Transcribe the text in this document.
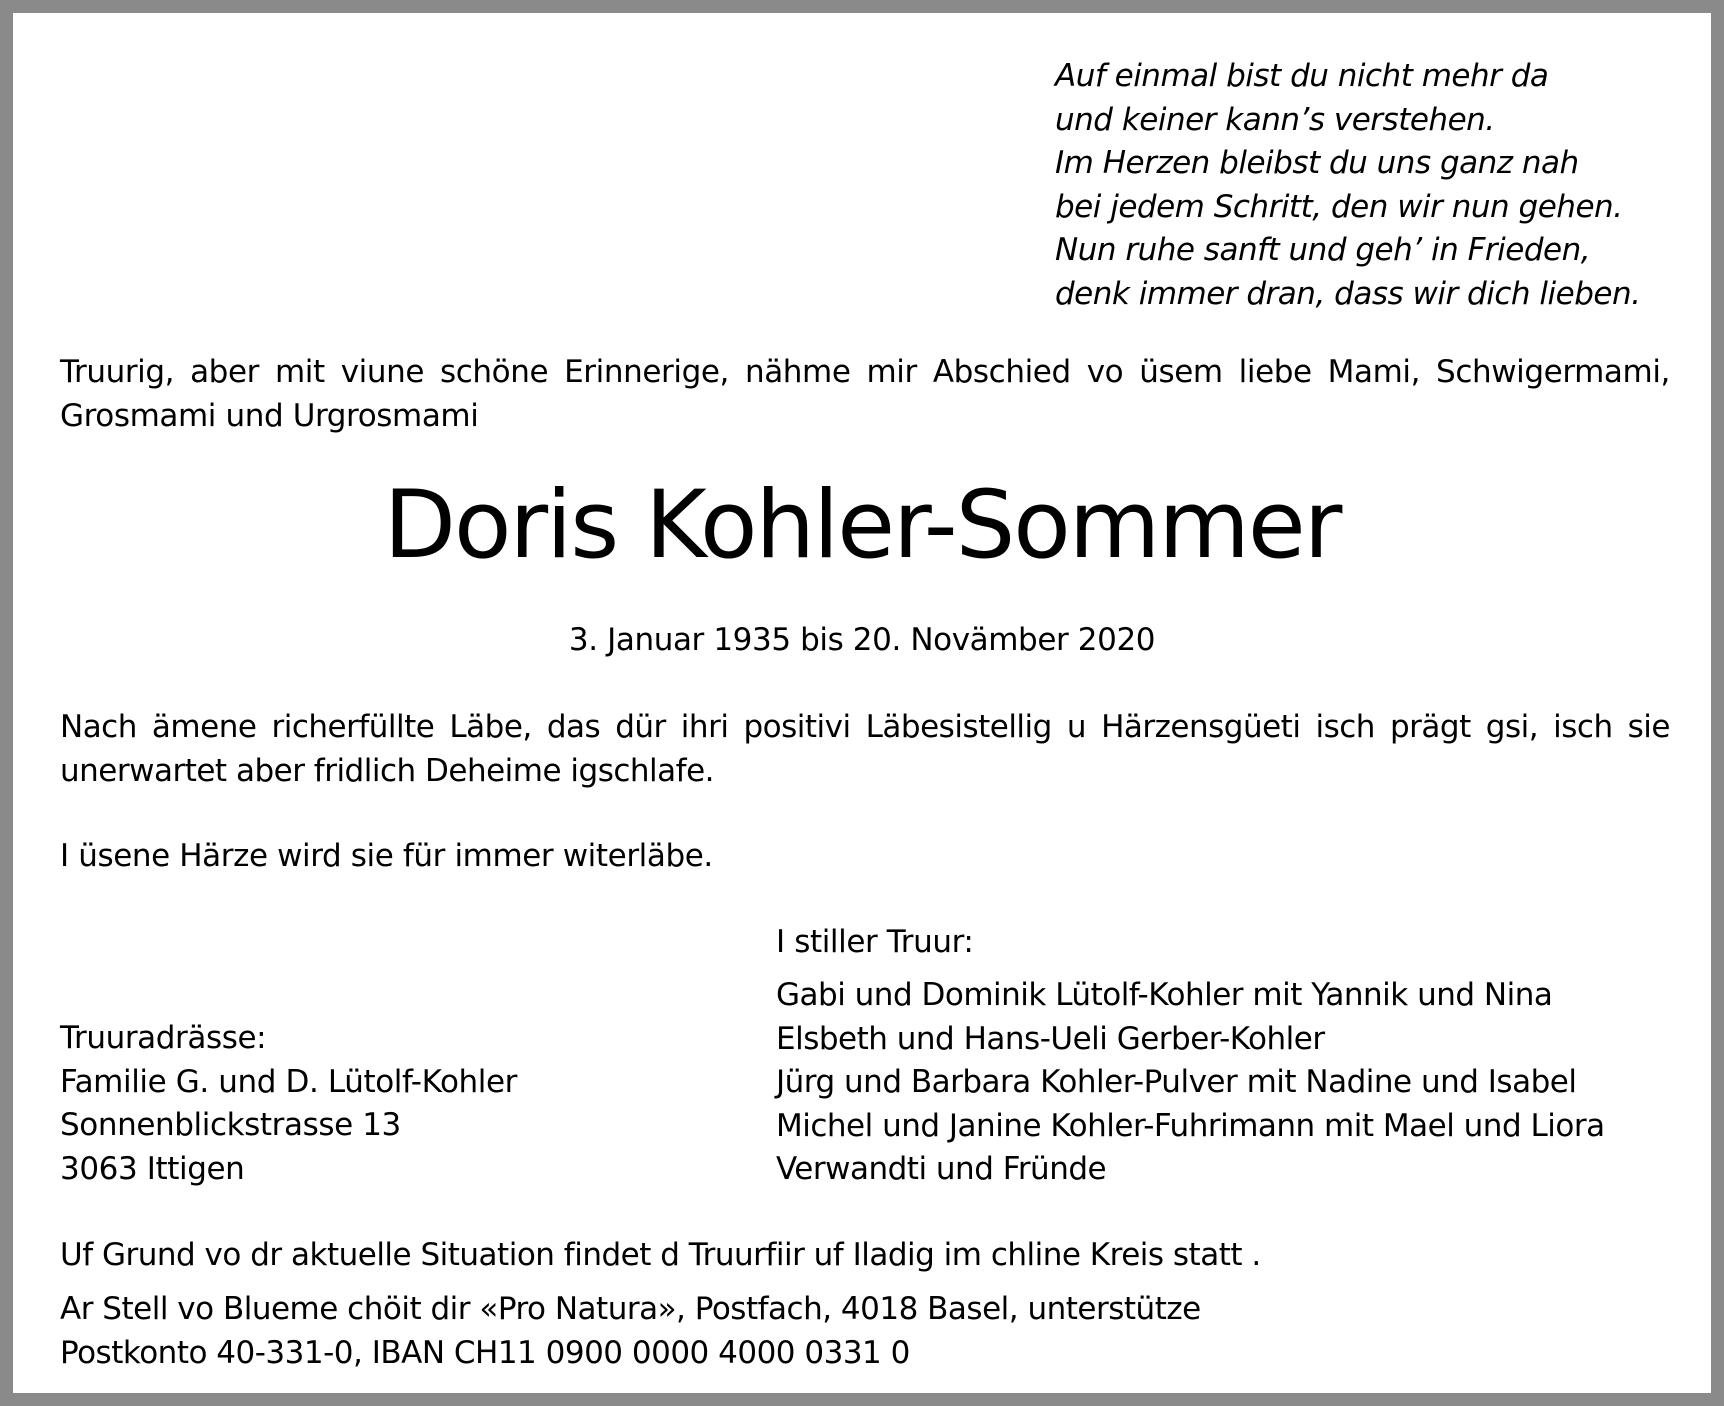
Auf einmal bist du nicht mehr da
und keiner kann’s verstehen.
Im Herzen bleibst du uns ganz nah
bei jedem Schritt, den wir nun gehen.
Nun ruhe sanft und geh’ in Frieden,
denk immer dran, dass wir dich lieben.
Truurig, aber mit viune schöne Erinnerige, nähme mir Abschied vo üsem liebe Mami, Schwigermami, Grosmami und Urgrosmami
Doris Kohler-Sommer
3. Januar 1935 bis 20. Novämber 2020
Nach ämene richerfüllte Läbe, das dür ihri positivi Läbesistellig u Härzensgüeti isch prägt gsi, isch sie unerwartet aber fridlich Deheime igschlafe.
I üsene Härze wird sie für immer witerläbe.
I stiller Truur:
Gabi und Dominik Lütolf-Kohler mit Yannik und Nina
Elsbeth und Hans-Ueli Gerber-Kohler
Jürg und Barbara Kohler-Pulver mit Nadine und Isabel
Michel und Janine Kohler-Fuhrimann mit Mael und Liora
Verwandti und Fründe
Truuradrässe:
Familie G. und D. Lütolf-Kohler
Sonnenblickstrasse 13
3063 Ittigen
Uf Grund vo dr aktuelle Situation findet d Truurfiir uf Iladig im chline Kreis statt .
Ar Stell vo Blueme chöit dir «Pro Natura», Postfach, 4018 Basel, unterstütze
Postkonto 40-331-0, IBAN CH11 0900 0000 4000 0331 0
